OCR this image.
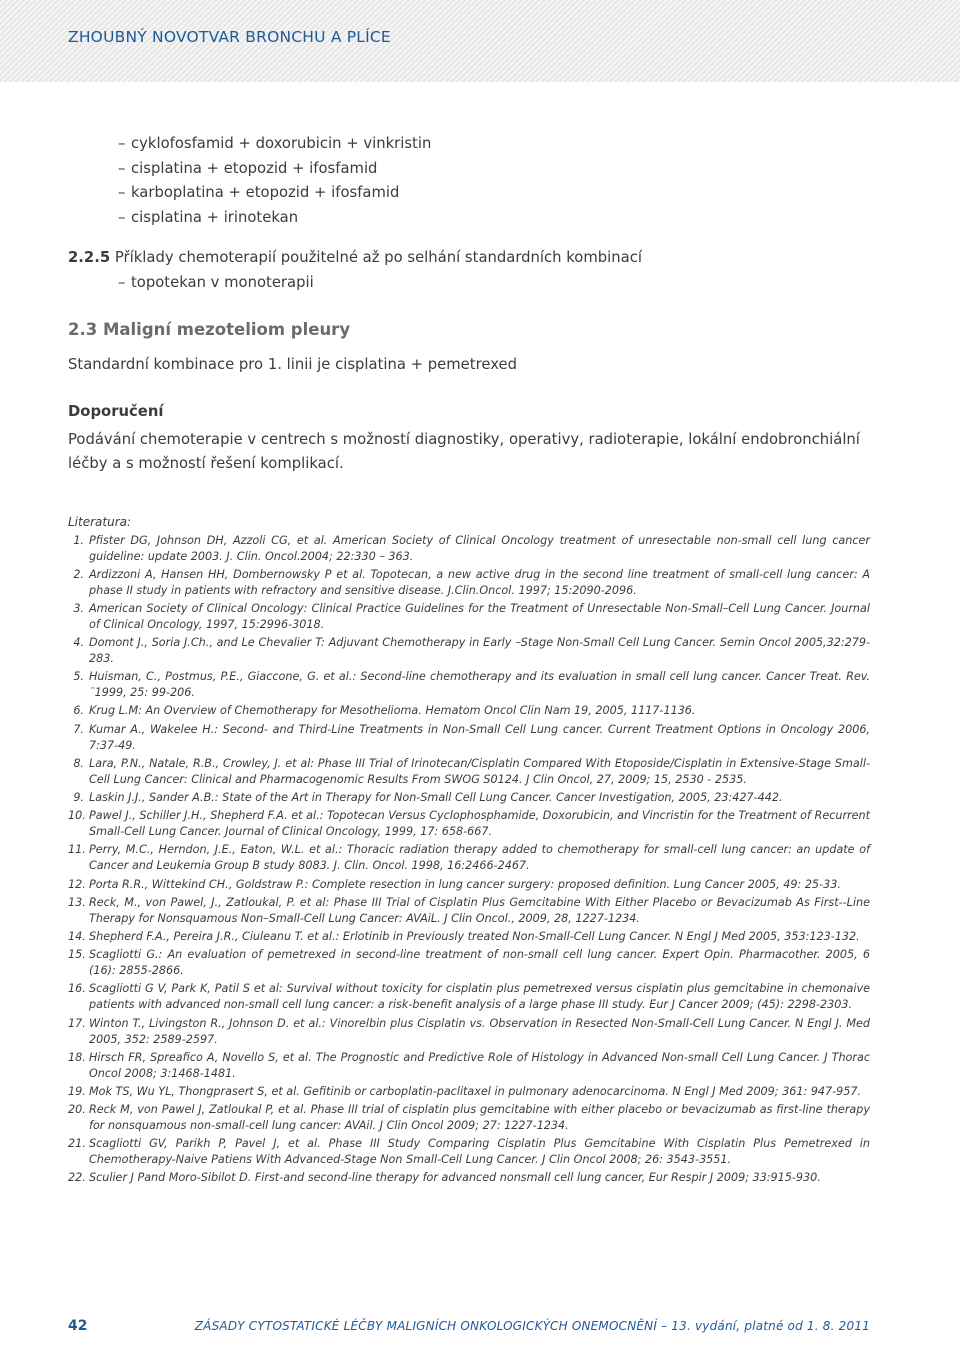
ZHOUBNÝ NOVOTVAR BRONCHU A PLÍCE
– cyklofosfamid + doxorubicin + vinkristin
– cisplatina + etopozid + ifosfamid
– karboplatina + etopozid + ifosfamid
– cisplatina + irinotekan
2.2.5 Příklady chemoterapií použitelné až po selhání standardních kombinací
– topotekan v monoterapii
2.3 Maligní mezoteliom pleury
Standardní kombinace pro 1. linii je cisplatina + pemetrexed
Doporučení
Podávání chemoterapie v centrech s možností diagnostiky, operativy, radioterapie, lokální endobronchiální léčby a s možností řešení komplikací.
Literatura:
1. Pfister DG, Johnson DH, Azzoli CG, et al. American Society of Clinical Oncology treatment of unresectable non-small cell lung cancer guideline: update 2003. J. Clin. Oncol.2004; 22:330 – 363.
2. Ardizzoni A, Hansen HH, Dombernowsky P et al. Topotecan, a new active drug in the second line treatment of small-cell lung cancer: A phase II study in patients with refractory and sensitive disease. J.Clin.Oncol. 1997; 15:2090-2096.
3. American Society of Clinical Oncology: Clinical Practice Guidelines for the Treatment of Unresectable Non-Small–Cell Lung Cancer. Journal of Clinical Oncology, 1997, 15:2996-3018.
4. Domont J., Soria J.Ch., and Le Chevalier T: Adjuvant Chemotherapy in Early –Stage Non-Small Cell Lung Cancer. Semin Oncol 2005,32:279-283.
5. Huisman, C., Postmus, P.E., Giaccone, G. et al.: Second-line chemotherapy and its evaluation in small cell lung cancer. Cancer Treat. Rev. ¨1999, 25: 99-206.
6. Krug L.M: An Overview of Chemotherapy for Mesothelioma. Hematom Oncol Clin Nam 19, 2005, 1117-1136.
7. Kumar A., Wakelee H.: Second- and Third-Line Treatments in Non-Small Cell Lung cancer. Current Treatment Options in Oncology 2006, 7:37-49.
8. Lara, P.N., Natale, R.B., Crowley, J. et al: Phase III Trial of Irinotecan/Cisplatin Compared With Etoposide/Cisplatin in Extensive-Stage Small-Cell Lung Cancer: Clinical and Pharmacogenomic Results From SWOG S0124. J Clin Oncol, 27, 2009; 15, 2530 - 2535.
9. Laskin J.J., Sander A.B.: State of the Art in Therapy for Non-Small Cell Lung Cancer. Cancer Investigation, 2005, 23:427-442.
10. Pawel J., Schiller J.H., Shepherd F.A. et al.: Topotecan Versus Cyclophosphamide, Doxorubicin, and Vincristin for the Treatment of Recurrent Small-Cell Lung Cancer. Journal of Clinical Oncology, 1999, 17: 658-667.
11. Perry, M.C., Herndon, J.E., Eaton, W.L. et al.: Thoracic radiation therapy added to chemotherapy for small-cell lung cancer: an update of Cancer and Leukemia Group B study 8083. J. Clin. Oncol. 1998, 16:2466-2467.
12. Porta R.R., Wittekind CH., Goldstraw P.: Complete resection in lung cancer surgery: proposed definition. Lung Cancer 2005, 49: 25-33.
13. Reck, M., von Pawel, J., Zatloukal, P. et al: Phase III Trial of Cisplatin Plus Gemcitabine With Either Placebo or Bevacizumab As First--Line Therapy for Nonsquamous Non–Small-Cell Lung Cancer: AVAiL. J Clin Oncol., 2009, 28, 1227-1234.
14. Shepherd F.A., Pereira J.R., Ciuleanu T. et al.: Erlotinib in Previously treated Non-Small-Cell Lung Cancer. N Engl J Med 2005, 353:123-132.
15. Scagliotti G.: An evaluation of pemetrexed in second-line treatment of non-small cell lung cancer. Expert Opin. Pharmacother. 2005, 6 (16): 2855-2866.
16. Scagliotti G V, Park K, Patil S et al: Survival without toxicity for cisplatin plus pemetrexed versus cisplatin plus gemcitabine in chemonaive patients with advanced non-small cell lung cancer: a risk-benefit analysis of a large phase III study. Eur J Cancer 2009; (45): 2298-2303.
17. Winton T., Livingston R., Johnson D. et al.: Vinorelbin plus Cisplatin vs. Observation in Resected Non-Small-Cell Lung Cancer. N Engl J. Med 2005, 352: 2589-2597.
18. Hirsch FR, Spreafico A, Novello S, et al. The Prognostic and Predictive Role of Histology in Advanced Non-small Cell Lung Cancer. J Thorac Oncol 2008; 3:1468-1481.
19. Mok TS, Wu YL, Thongprasert S, et al. Gefitinib or carboplatin-paclitaxel in pulmonary adenocarcinoma. N Engl J Med 2009; 361: 947-957.
20. Reck M, von Pawel J, Zatloukal P, et al. Phase III trial of cisplatin plus gemcitabine with either placebo or bevacizumab as first-line therapy for nonsquamous non-small-cell lung cancer: AVAil. J Clin Oncol 2009; 27: 1227-1234.
21. Scagliotti GV, Parikh P, Pavel J, et al. Phase III Study Comparing Cisplatin Plus Gemcitabine With Cisplatin Plus Pemetrexed in Chemotherapy-Naive Patiens With Advanced-Stage Non Small-Cell Lung Cancer. J Clin Oncol 2008; 26: 3543-3551.
22. Sculier J Pand Moro-Sibilot D. First-and second-line therapy for advanced nonsmall cell lung cancer, Eur Respir J 2009; 33:915-930.
42	ZÁSADY CYTOSTATICKÉ LÉČBY MALIGNÍCH ONKOLOGICKÝCH ONEMOCNĚNÍ – 13. vydání, platné od 1. 8. 2011
